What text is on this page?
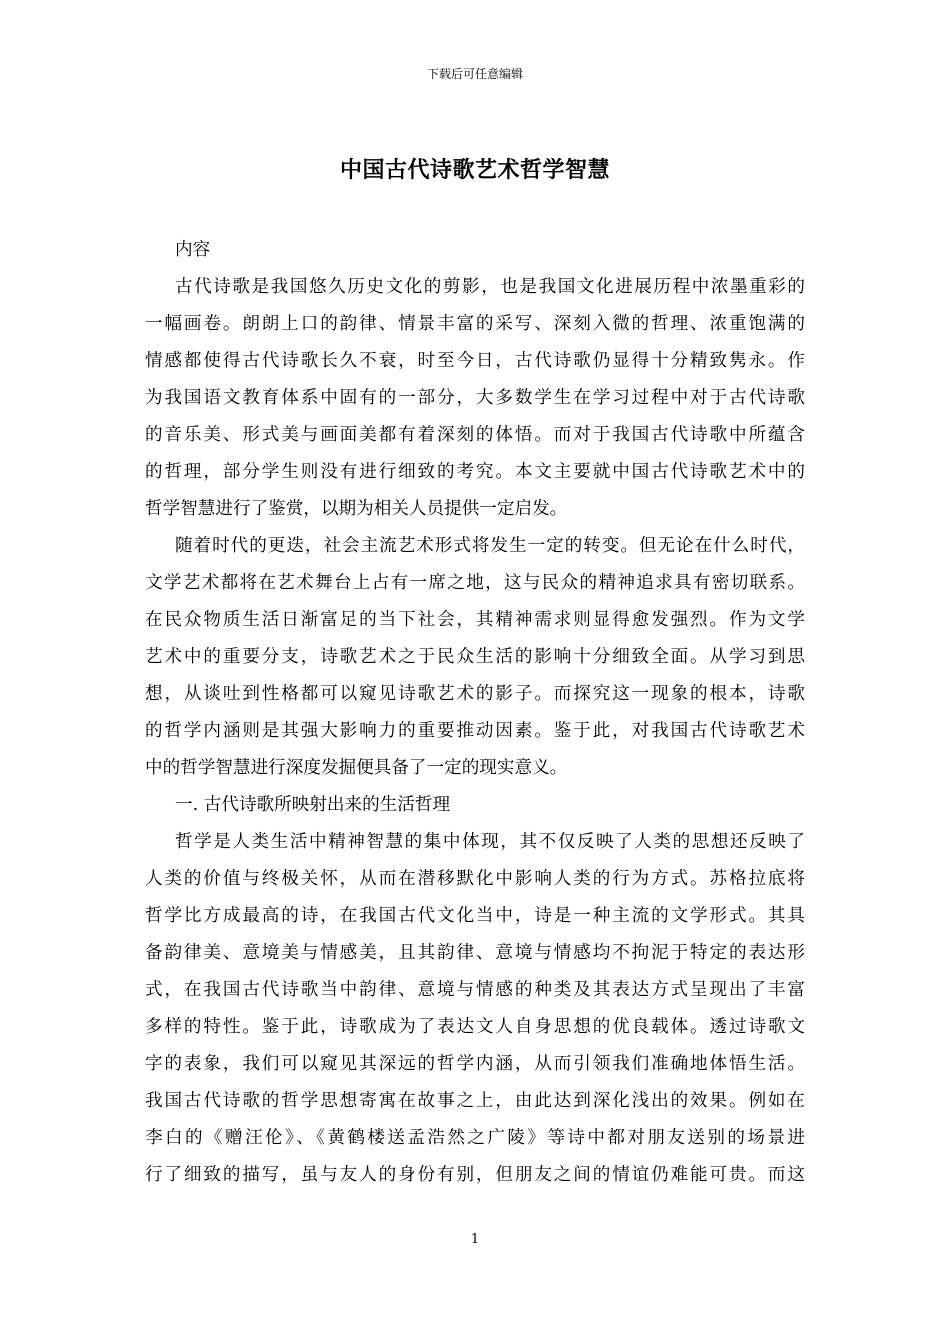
下载后可任意编辑
中国古代诗歌艺术哲学智慧
内容
古代诗歌是我国悠久历史文化的剪影，也是我国文化进展历程中浓墨重彩的
一幅画卷。朗朗上口的韵律、情景丰富的采写、深刻入微的哲理、浓重饱满的
情感都使得古代诗歌长久不衰，时至今日，古代诗歌仍显得十分精致隽永。作
为我国语文教育体系中固有的一部分，大多数学生在学习过程中对于古代诗歌
的音乐美、形式美与画面美都有着深刻的体悟。而对于我国古代诗歌中所蕴含
的哲理，部分学生则没有进行细致的考究。本文主要就中国古代诗歌艺术中的
哲学智慧进行了鉴赏，以期为相关人员提供一定启发。
随着时代的更迭，社会主流艺术形式将发生一定的转变。但无论在什么时代，
文学艺术都将在艺术舞台上占有一席之地，这与民众的精神追求具有密切联系。
在民众物质生活日渐富足的当下社会，其精神需求则显得愈发强烈。作为文学
艺术中的重要分支，诗歌艺术之于民众生活的影响十分细致全面。从学习到思
想，从谈吐到性格都可以窥见诗歌艺术的影子。而探究这一现象的根本，诗歌
的哲学内涵则是其强大影响力的重要推动因素。鉴于此，对我国古代诗歌艺术
中的哲学智慧进行深度发掘便具备了一定的现实意义。
一. 古代诗歌所映射出来的生活哲理
哲学是人类生活中精神智慧的集中体现，其不仅反映了人类的思想还反映了
人类的价值与终极关怀，从而在潜移默化中影响人类的行为方式。苏格拉底将
哲学比方成最高的诗，在我国古代文化当中，诗是一种主流的文学形式。其具
备韵律美、意境美与情感美，且其韵律、意境与情感均不拘泥于特定的表达形
式，在我国古代诗歌当中韵律、意境与情感的种类及其表达方式呈现出了丰富
多样的特性。鉴于此，诗歌成为了表达文人自身思想的优良载体。透过诗歌文
字的表象，我们可以窥见其深远的哲学内涵，从而引领我们准确地体悟生活。
我国古代诗歌的哲学思想寄寓在故事之上，由此达到深化浅出的效果。例如在
李白的《赠汪伦》、《黄鹤楼送孟浩然之广陵》等诗中都对朋友送别的场景进
行了细致的描写，虽与友人的身份有别，但朋友之间的情谊仍难能可贵。而这
1
